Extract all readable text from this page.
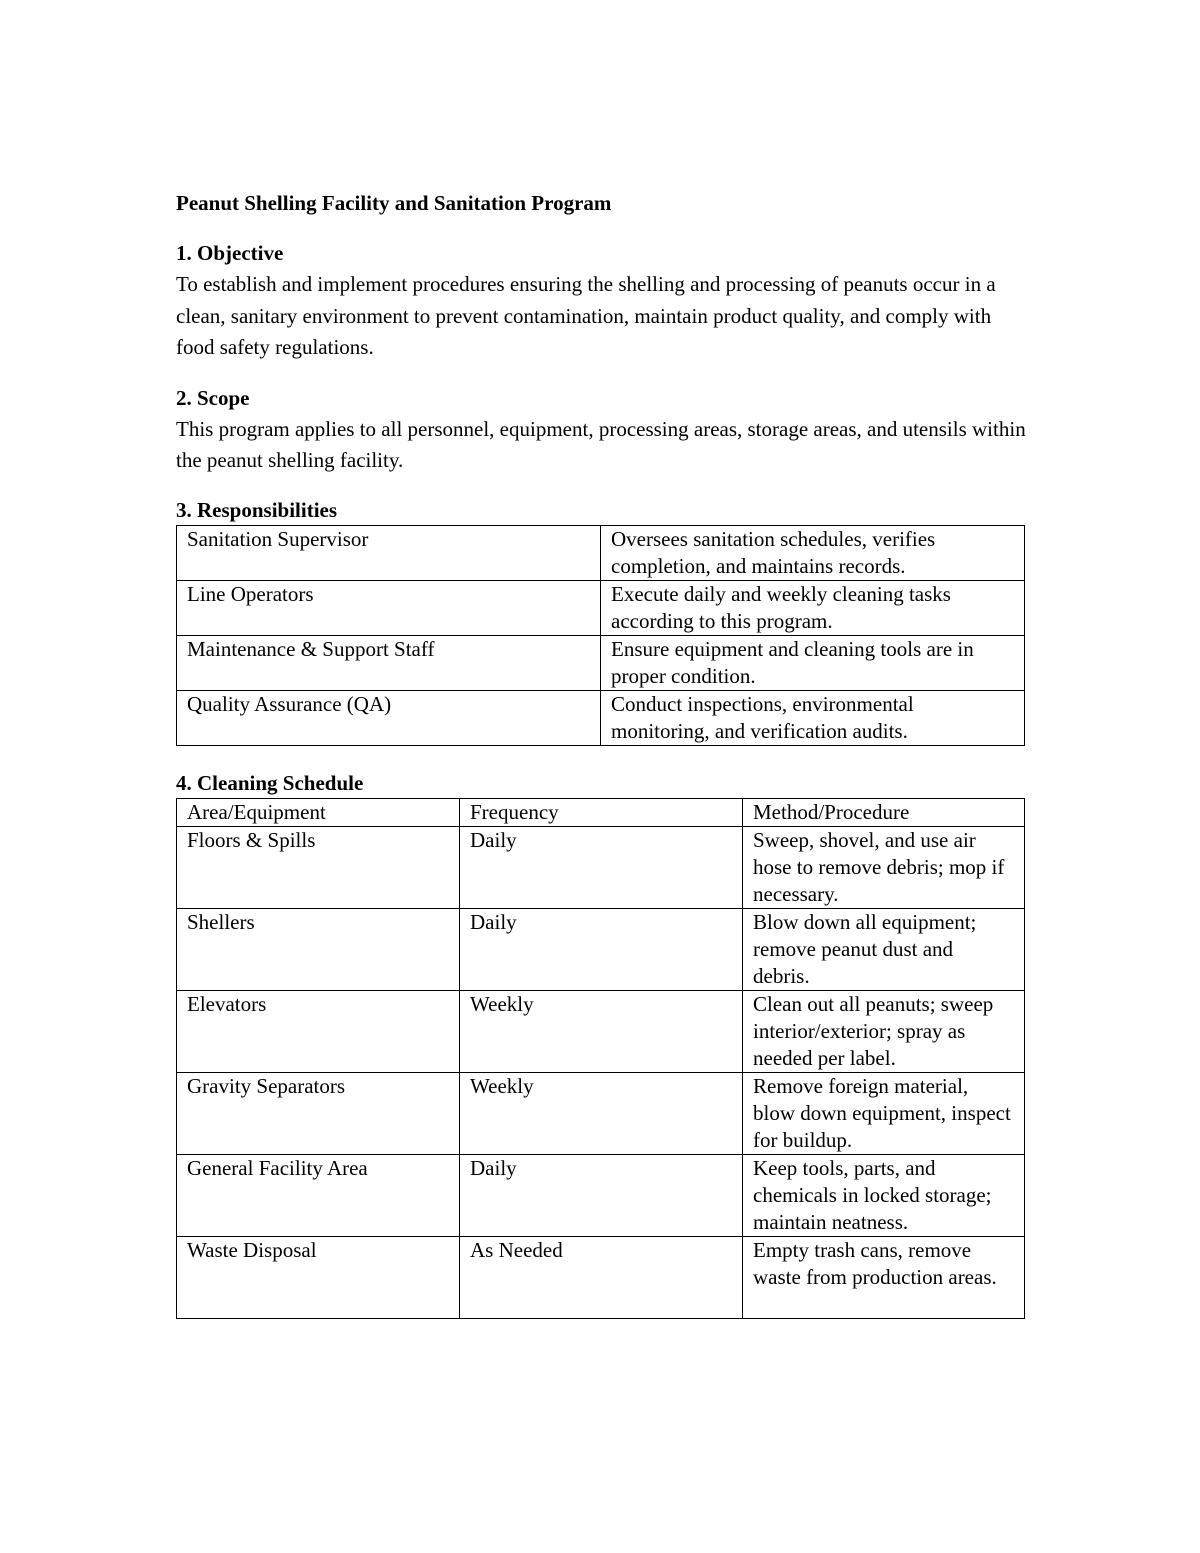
Peanut Shelling Facility and Sanitation Program
1. Objective
To establish and implement procedures ensuring the shelling and processing of peanuts occur in a clean, sanitary environment to prevent contamination, maintain product quality, and comply with food safety regulations.
2. Scope
This program applies to all personnel, equipment, processing areas, storage areas, and utensils within the peanut shelling facility.
3. Responsibilities
Sanitation Supervisor	Oversees sanitation schedules, verifies completion, and maintains records.
Line Operators	Execute daily and weekly cleaning tasks according to this program.
Maintenance & Support Staff	Ensure equipment and cleaning tools are in proper condition.
Quality Assurance (QA)	Conduct inspections, environmental monitoring, and verification audits.
4. Cleaning Schedule
Area/Equipment	Frequency	Method/Procedure
Floors & Spills	Daily	Sweep, shovel, and use air hose to remove debris; mop if necessary.
Shellers	Daily	Blow down all equipment; remove peanut dust and debris.
Elevators	Weekly	Clean out all peanuts; sweep interior/exterior; spray as needed per label.
Gravity Separators	Weekly	Remove foreign material, blow down equipment, inspect for buildup.
General Facility Area	Daily	Keep tools, parts, and chemicals in locked storage; maintain neatness.
Waste Disposal	As Needed	Empty trash cans, remove waste from production areas.
